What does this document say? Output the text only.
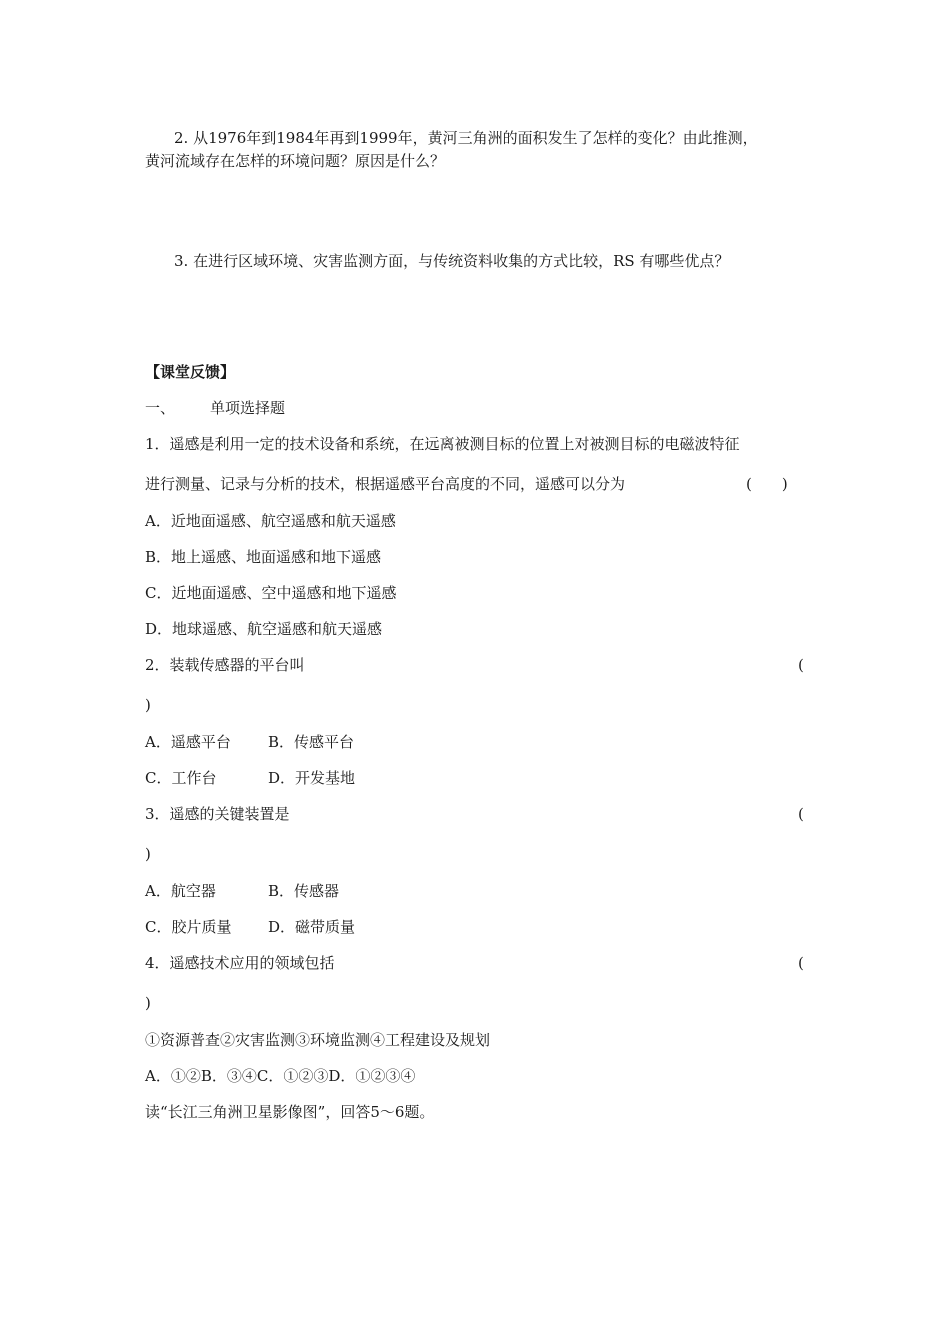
2. 从1976年到1984年再到1999年，黄河三角洲的面积发生了怎样的变化？由此推测，
黄河流域存在怎样的环境问题？原因是什么？
3. 在进行区域环境、灾害监测方面，与传统资料收集的方式比较，RS 有哪些优点？
【课堂反馈】
一、 单项选择题
1．遥感是利用一定的技术设备和系统，在远离被测目标的位置上对被测目标的电磁波特征
进行测量、记录与分析的技术，根据遥感平台高度的不同，遥感可以分为	(　　)
A．近地面遥感、航空遥感和航天遥感
B．地上遥感、地面遥感和地下遥感
C．近地面遥感、空中遥感和地下遥感
D．地球遥感、航空遥感和航天遥感
2．装载传感器的平台叫	(
)
A．遥感平台 B．传感平台
C．工作台	D．开发基地
3．遥感的关键装置是	(
)
A．航空器	B．传感器
C．胶片质量 D．磁带质量
4．遥感技术应用的领域包括	(
)
①资源普查②灾害监测③环境监测④工程建设及规划
A．①②B．③④C．①②③D．①②③④
读“长江三角洲卫星影像图”，回答5～6题。
